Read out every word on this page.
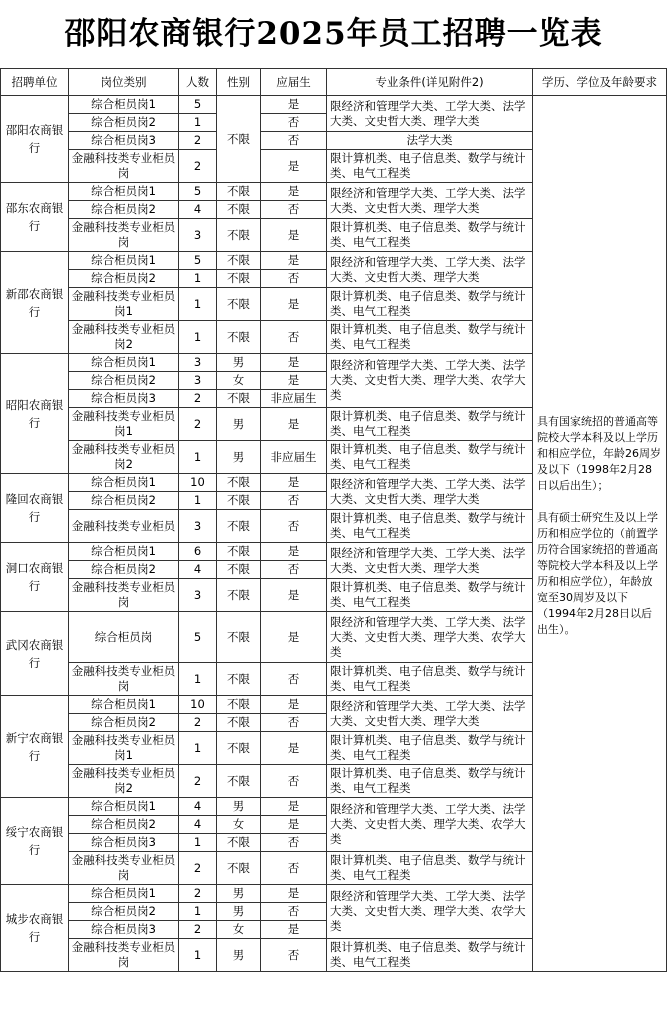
邵阳农商银行2025年员工招聘一览表
招聘单位	岗位类别	人数	性别	应届生	专业条件(详见附件2)	学历、学位及年龄要求
邵阳农商银行	综合柜员岗1	5	不限	是	限经济和管理学大类、工学大类、法学大类、文史哲大类、理学大类	具有国家统招的普通高等院校大学本科及以上学历和相应学位，年龄26周岁及以下（1998年2月28日以后出生）；

具有硕士研究生及以上学历和相应学位的（前置学历符合国家统招的普通高等院校大学本科及以上学历和相应学位），年龄放宽至30周岁及以下（1994年2月28日以后出生）。

	综合柜员岗2	1		否		
	综合柜员岗3	2		否	法学大类	
	金融科技类专业柜员岗	2		是	限计算机类、电子信息类、数学与统计类、电气工程类	
邵东农商银行	综合柜员岗1	5	不限	是	限经济和管理学大类、工学大类、法学大类、文史哲大类、理学大类	
	综合柜员岗2	4	不限	否		
	金融科技类专业柜员岗	3	不限	是	限计算机类、电子信息类、数学与统计类、电气工程类	
新邵农商银行	综合柜员岗1	5	不限	是	限经济和管理学大类、工学大类、法学大类、文史哲大类、理学大类	
	综合柜员岗2	1	不限	否		
	金融科技类专业柜员岗1	1	不限	是	限计算机类、电子信息类、数学与统计类、电气工程类	
	金融科技类专业柜员岗2	1	不限	否	限计算机类、电子信息类、数学与统计类、电气工程类	
昭阳农商银行	综合柜员岗1	3	男	是	限经济和管理学大类、工学大类、法学大类、文史哲大类、理学大类、农学大类	
	综合柜员岗2	3	女	是		
	综合柜员岗3	2	不限	非应届生		
	金融科技类专业柜员岗1	2	男	是	限计算机类、电子信息类、数学与统计类、电气工程类	
	金融科技类专业柜员岗2	1	男	非应届生	限计算机类、电子信息类、数学与统计类、电气工程类	
隆回农商银行	综合柜员岗1	10	不限	是	限经济和管理学大类、工学大类、法学大类、文史哲大类、理学大类	
	综合柜员岗2	1	不限	否		
	金融科技类专业柜员	3	不限	否	限计算机类、电子信息类、数学与统计类、电气工程类	
洞口农商银行	综合柜员岗1	6	不限	是	限经济和管理学大类、工学大类、法学大类、文史哲大类、理学大类	
	综合柜员岗2	4	不限	否		
	金融科技类专业柜员岗	3	不限	是	限计算机类、电子信息类、数学与统计类、电气工程类	
武冈农商银行	综合柜员岗	5	不限	是	限经济和管理学大类、工学大类、法学大类、文史哲大类、理学大类、农学大类	
	金融科技类专业柜员岗	1	不限	否	限计算机类、电子信息类、数学与统计类、电气工程类	
新宁农商银行	综合柜员岗1	10	不限	是	限经济和管理学大类、工学大类、法学大类、文史哲大类、理学大类	
	综合柜员岗2	2	不限	否		
	金融科技类专业柜员岗1	1	不限	是	限计算机类、电子信息类、数学与统计类、电气工程类	
	金融科技类专业柜员岗2	2	不限	否	限计算机类、电子信息类、数学与统计类、电气工程类	
绥宁农商银行	综合柜员岗1	4	男	是	限经济和管理学大类、工学大类、法学大类、文史哲大类、理学大类、农学大类	
	综合柜员岗2	4	女	是		
	综合柜员岗3	1	不限	否		
	金融科技类专业柜员岗	2	不限	否	限计算机类、电子信息类、数学与统计类、电气工程类	
城步农商银行	综合柜员岗1	2	男	是	限经济和管理学大类、工学大类、法学大类、文史哲大类、理学大类、农学大类	
	综合柜员岗2	1	男	否		
	综合柜员岗3	2	女	是		
	金融科技类专业柜员岗	1	男	否	限计算机类、电子信息类、数学与统计类、电气工程类	
